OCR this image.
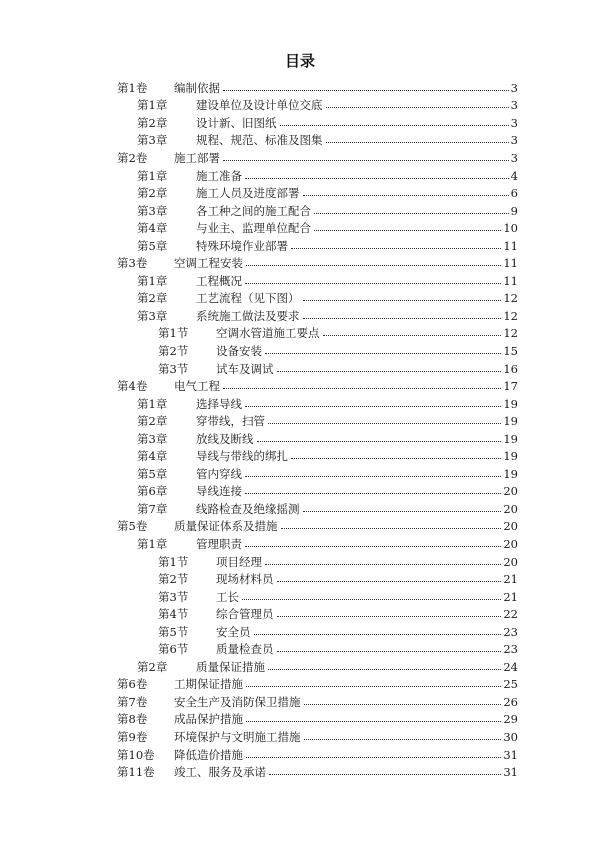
目录
第1卷	编制依据	3
第1章	建设单位及设计单位交底	3
第2章	设计新、旧图纸	3
第3章	规程、规范、标准及图集	3
第2卷	施工部署	3
第1章	施工准备	4
第2章	施工人员及进度部署	6
第3章	各工种之间的施工配合	9
第4章	与业主、监理单位配合	10
第5章	特殊环境作业部署	11
第3卷	空调工程安装	11
第1章	工程概况	11
第2章	工艺流程（见下图）	12
第3章	系统施工做法及要求	12
第1节	空调水管道施工要点	12
第2节	设备安装	15
第3节	试车及调试	16
第4卷	电气工程	17
第1章	选择导线	19
第2章	穿带线，扫管	19
第3章	放线及断线	19
第4章	导线与带线的绑扎	19
第5章	管内穿线	19
第6章	导线连接	20
第7章	线路检查及绝缘摇测	20
第5卷	质量保证体系及措施	20
第1章	管理职责	20
第1节	项目经理	20
第2节	现场材料员	21
第3节	工长	21
第4节	综合管理员	22
第5节	安全员	23
第6节	质量检查员	23
第2章	质量保证措施	24
第6卷	工期保证措施	25
第7卷	安全生产及消防保卫措施	26
第8卷	成品保护措施	29
第9卷	环境保护与文明施工措施	30
第10卷	降低造价措施	31
第11卷	竣工、服务及承诺	31
